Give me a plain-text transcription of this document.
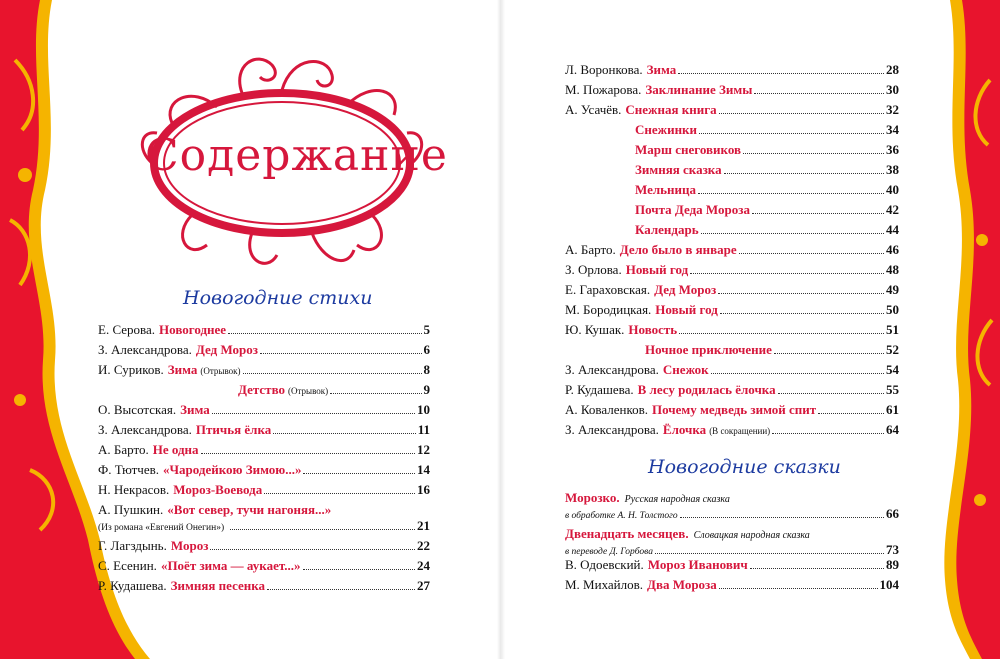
Содержание
Новогодние стихи
Е. Серова. Новогоднее	5
З. Александрова. Дед Мороз	6
И. Суриков. Зима (Отрывок)	8
Детство (Отрывок)	9
О. Высотская. Зима	10
З. Александрова. Птичья ёлка	11
А. Барто. Не одна	12
Ф. Тютчев. «Чародейкою Зимою...»	14
Н. Некрасов. Мороз-Воевода	16
А. Пушкин. «Вот север, тучи нагоняя...»
(Из романа «Евгений Онегин»)	21
Г. Лагздынь. Мороз	22
С. Есенин. «Поёт зима — аукает...»	24
Р. Кудашева. Зимняя песенка	27
Л. Воронкова. Зима	28
М. Пожарова. Заклинание Зимы	30
А. Усачёв. Снежная книга	32
Снежинки	34
Марш снеговиков	36
Зимняя сказка	38
Мельница	40
Почта Деда Мороза	42
Календарь	44
А. Барто. Дело было в январе	46
З. Орлова. Новый год	48
Е. Гараховская. Дед Мороз	49
М. Бородицкая. Новый год	50
Ю. Кушак. Новость	51
Ночное приключение	52
З. Александрова. Снежок	54
Р. Кудашева. В лесу родилась ёлочка	55
А. Коваленков. Почему медведь зимой спит	61
З. Александрова. Ёлочка (В сокращении)	64
Новогодние сказки
Морозко. Русская народная сказка
в обработке А. Н. Толстого	66
Двенадцать месяцев. Словацкая народная сказка
в переводе Д. Горбова	73
В. Одоевский. Мороз Иванович	89
М. Михайлов. Два Мороза	104
